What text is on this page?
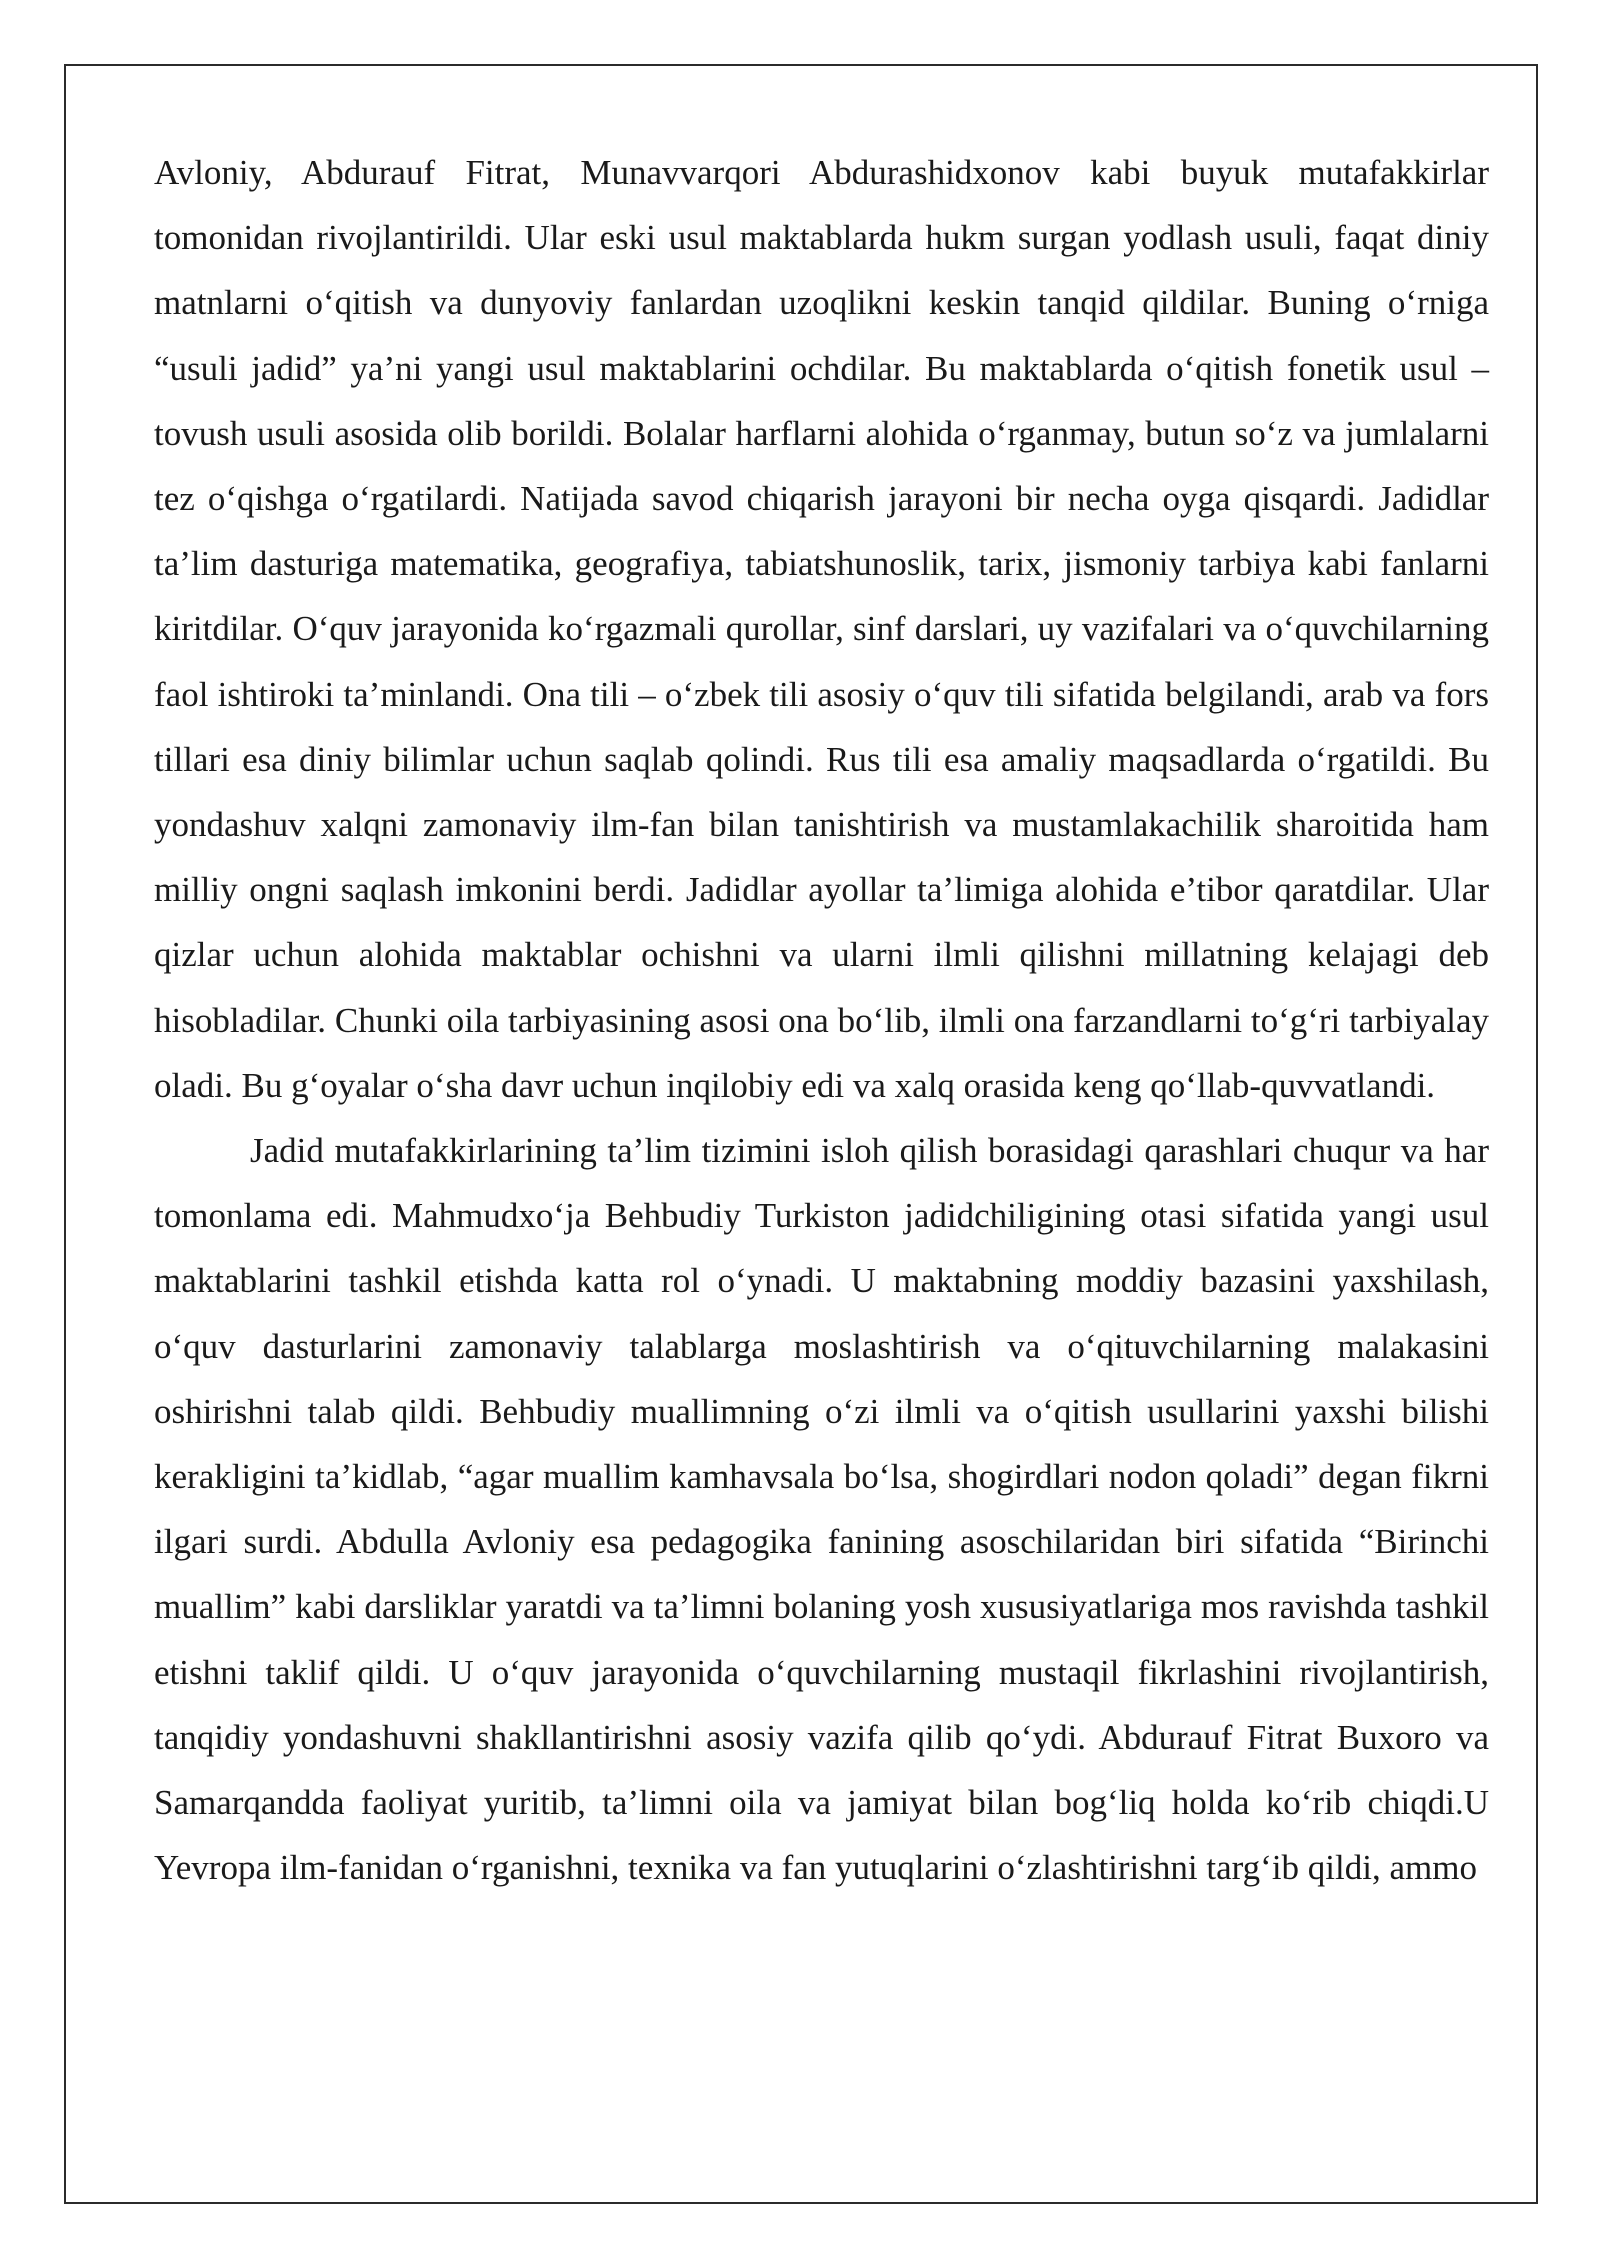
Avloniy, Abdurauf Fitrat, Munavvarqori Abdurashidxonov kabi buyuk mutafakkirlar tomonidan rivojlantirildi. Ular eski usul maktablarda hukm surgan yodlash usuli, faqat diniy matnlarni o‘qitish va dunyoviy fanlardan uzoqlikni keskin tanqid qildilar. Buning o‘rniga “usuli jadid” ya’ni yangi usul maktablarini ochdilar. Bu maktablarda o‘qitish fonetik usul – tovush usuli asosida olib borildi. Bolalar harflarni alohida o‘rganmay, butun so‘z va jumlalarni tez o‘qishga o‘rgatilardi. Natijada savod chiqarish jarayoni bir necha oyga qisqardi. Jadidlar ta’lim dasturiga matematika, geografiya, tabiatshunoslik, tarix, jismoniy tarbiya kabi fanlarni kiritdilar. O‘quv jarayonida ko‘rgazmali qurollar, sinf darslari, uy vazifalari va o‘quvchilarning faol ishtiroki ta’minlandi. Ona tili – o‘zbek tili asosiy o‘quv tili sifatida belgilandi, arab va fors tillari esa diniy bilimlar uchun saqlab qolindi. Rus tili esa amaliy maqsadlarda o‘rgatildi. Bu yondashuv xalqni zamonaviy ilm-fan bilan tanishtirish va mustamlakachilik sharoitida ham milliy ongni saqlash imkonini berdi. Jadidlar ayollar ta’limiga alohida e’tibor qaratdilar. Ular qizlar uchun alohida maktablar ochishni va ularni ilmli qilishni millatning kelajagi deb hisobladilar. Chunki oila tarbiyasining asosi ona bo‘lib, ilmli ona farzandlarni to‘g‘ri tarbiyalay oladi. Bu g‘oyalar o‘sha davr uchun inqilobiy edi va xalq orasida keng qo‘llab-quvvatlandi.

Jadid mutafakkirlarining ta’lim tizimini isloh qilish borasidagi qarashlari chuqur va har tomonlama edi. Mahmudxo‘ja Behbudiy Turkiston jadidchiligining otasi sifatida yangi usul maktablarini tashkil etishda katta rol o‘ynadi. U maktabning moddiy bazasini yaxshilash, o‘quv dasturlarini zamonaviy talablarga moslashtirish va o‘qituvchilarning malakasini oshirishni talab qildi. Behbudiy muallimning o‘zi ilmli va o‘qitish usullarini yaxshi bilishi kerakligini ta’kidlab, “agar muallim kamhavsala bo‘lsa, shogirdlari nodon qoladi” degan fikrni ilgari surdi. Abdulla Avloniy esa pedagogika fanining asoschilaridan biri sifatida “Birinchi muallim” kabi darsliklar yaratdi va ta’limni bolaning yosh xususiyatlariga mos ravishda tashkil etishni taklif qildi. U o‘quv jarayonida o‘quvchilarning mustaqil fikrlashini rivojlantirish, tanqidiy yondashuvni shakllantirishni asosiy vazifa qilib qo‘ydi. Abdurauf Fitrat Buxoro va Samarqandda faoliyat yuritib, ta’limni oila va jamiyat bilan bog‘liq holda ko‘rib chiqdi.U Yevropa ilm-fanidan o‘rganishni, texnika va fan yutuqlarini o‘zlashtirishni targ‘ib qildi, ammo
